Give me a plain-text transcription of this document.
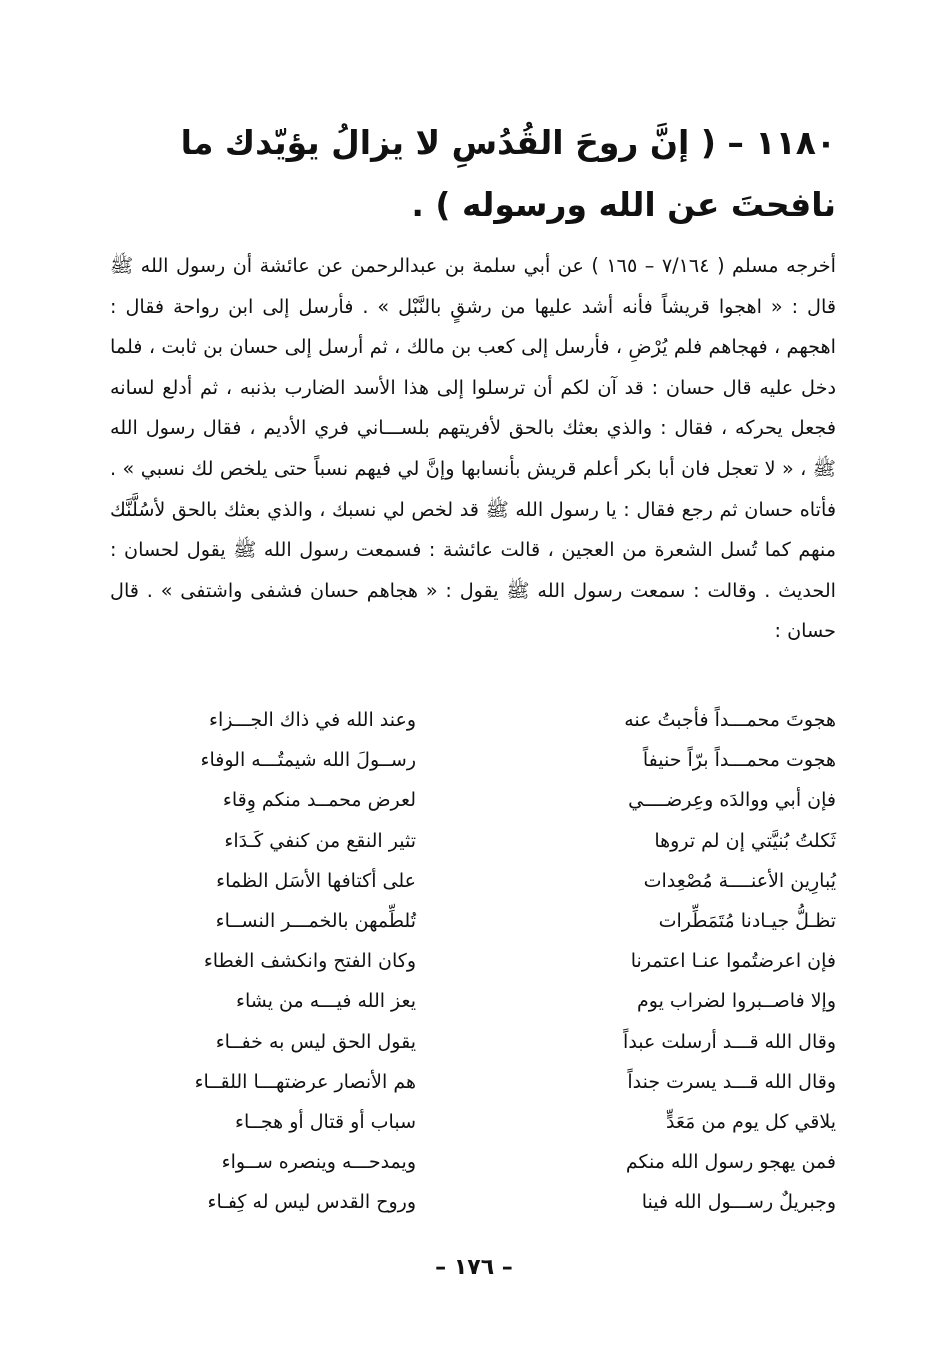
١١٨٠ – ( إنَّ روحَ القُدُسِ لا يزالُ يؤيّدك ما نافحتَ عن الله ورسوله ) .

أخرجه مسلم ( ٧/١٦٤ – ١٦٥ ) عن أبي سلمة بن عبدالرحمن عن عائشة أن رسول الله ﷺ قال : « اهجوا قريشاً فأنه أشد عليها من رشقٍ بالنَّبْل » . فأرسل إلى ابن رواحة فقال : اهجهم ، فهجاهم فلم يُرْضِ ، فأرسل إلى كعب بن مالك ، ثم أرسل إلى حسان بن ثابت ، فلما دخل عليه قال حسان : قد آن لكم أن ترسلوا إلى هذا الأسد الضارب بذنبه ، ثم أدلع لسانه فجعل يحركه ، فقال : والذي بعثك بالحق لأفريتهم بلســـاني فري الأديم ، فقال رسول الله ﷺ ، « لا تعجل فان أبا بكر أعلم قريش بأنسابها وإنَّ لي فيهم نسباً حتى يلخص لك نسبي » . فأتاه حسان ثم رجع فقال : يا رسول الله ﷺ قد لخص لي نسبك ، والذي بعثك بالحق لأسُلَّنَّك منهم كما تُسل الشعرة من العجين ، قالت عائشة : فسمعت رسول الله ﷺ يقول لحسان : الحديث . وقالت : سمعت رسول الله ﷺ يقول : « هجاهم حسان فشفى واشتفى » . قال حسان :

هجوتَ محمـــداً فأجبتُ عنه
وعند الله في ذاك الجـــزاء
هجوت محمـــداً برّاً حنيفاً
رســولَ الله شيمتُـــه الوفاء
فإن أبي ووالدَه وعِرضــــي
لعرض محمــد منكم وِقاء
ثَكلتُ بُنيَّتي إن لم تروها
تثير النقع من كنفي كَـدَاء
يُبارِين الأعنــــة مُصْعِدات
على أكتافها الأسَل الظماء
تظـلُّ جيـادنا مُتَمَطِّرات
تُلطِّمهن بالخمـــر النســاء
فإن اعرضتُموا عنـا اعتمرنا
وكان الفتح وانكشف الغطاء
وإلا فاصــبروا لضراب يوم
يعز الله فيـــه من يشاء
وقال الله قـــد أرسلت عبداً
يقول الحق ليس به خفــاء
وقال الله قـــد يسرت جنداً
هم الأنصار عرضتهـــا اللقــاء
يلاقي كل يوم من مَعَدٍّ
سباب أو قتال أو هجــاء
فمن يهجو رسول الله منكم
ويمدحـــه وينصره ســواء
وجبريلٌ رســـول الله فينا
وروح القدس ليس له كِفـاء
– ١٧٦ –
